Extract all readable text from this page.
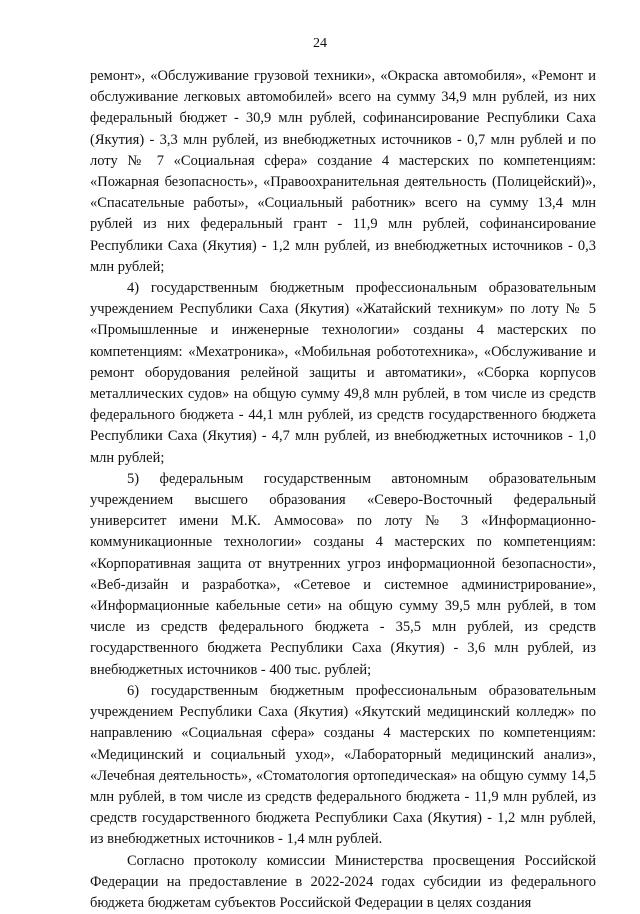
24

ремонт», «Обслуживание грузовой техники», «Окраска автомобиля», «Ремонт и обслуживание легковых автомобилей» всего на сумму 34,9 млн рублей, из них федеральный бюджет - 30,9 млн рублей, софинансирование Республики Саха (Якутия) - 3,3 млн рублей, из внебюджетных источников - 0,7 млн рублей и по лоту № 7 «Социальная сфера» создание 4 мастерских по компетенциям: «Пожарная безопасность», «Правоохранительная деятельность (Полицейский)», «Спасательные работы», «Социальный работник» всего на сумму 13,4 млн рублей из них федеральный грант - 11,9 млн рублей, софинансирование Республики Саха (Якутия) - 1,2 млн рублей, из внебюджетных источников - 0,3 млн рублей;

4) государственным бюджетным профессиональным образовательным учреждением Республики Саха (Якутия) «Жатайский техникум» по лоту № 5 «Промышленные и инженерные технологии» созданы 4 мастерских по компетенциям: «Мехатроника», «Мобильная робототехника», «Обслуживание и ремонт оборудования релейной защиты и автоматики», «Сборка корпусов металлических судов» на общую сумму 49,8 млн рублей, в том числе из средств федерального бюджета - 44,1 млн рублей, из средств государственного бюджета Республики Саха (Якутия) - 4,7 млн рублей, из внебюджетных источников - 1,0 млн рублей;

5) федеральным государственным автономным образовательным учреждением высшего образования «Северо-Восточный федеральный университет имени М.К. Аммосова» по лоту № 3 «Информационно-коммуникационные технологии» созданы 4 мастерских по компетенциям: «Корпоративная защита от внутренних угроз информационной безопасности», «Веб-дизайн и разработка», «Сетевое и системное администрирование», «Информационные кабельные сети» на общую сумму 39,5 млн рублей, в том числе из средств федерального бюджета - 35,5 млн рублей, из средств государственного бюджета Республики Саха (Якутия) - 3,6 млн рублей, из внебюджетных источников - 400 тыс. рублей;

6) государственным бюджетным профессиональным образовательным учреждением Республики Саха (Якутия) «Якутский медицинский колледж» по направлению «Социальная сфера» созданы 4 мастерских по компетенциям: «Медицинский и социальный уход», «Лабораторный медицинский анализ», «Лечебная деятельность», «Стоматология ортопедическая» на общую сумму 14,5 млн рублей, в том числе из средств федерального бюджета - 11,9 млн рублей, из средств государственного бюджета Республики Саха (Якутия) - 1,2 млн рублей, из внебюджетных источников - 1,4 млн рублей.

Согласно протоколу комиссии Министерства просвещения Российской Федерации на предоставление в 2022-2024 годах субсидии из федерального бюджета бюджетам субъектов Российской Федерации в целях создания
